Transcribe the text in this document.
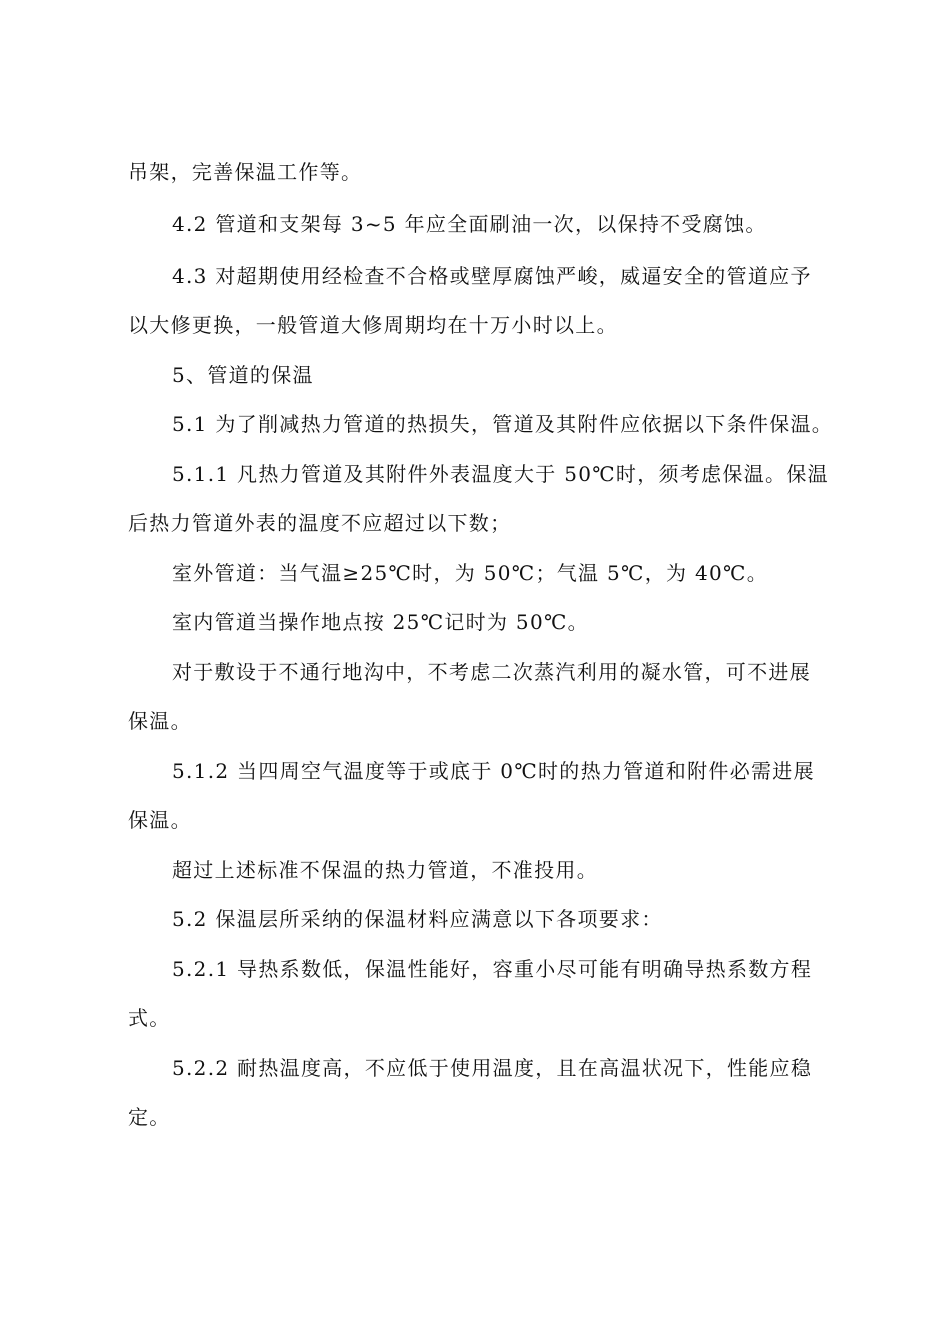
吊架，完善保温工作等。
4.2 管道和支架每 3~5 年应全面刷油一次，以保持不受腐蚀。
4.3 对超期使用经检查不合格或壁厚腐蚀严峻，威逼安全的管道应予
以大修更换，一般管道大修周期均在十万小时以上。
5、管道的保温
5.1 为了削减热力管道的热损失，管道及其附件应依据以下条件保温。
5.1.1 凡热力管道及其附件外表温度大于 50℃时，须考虑保温。保温
后热力管道外表的温度不应超过以下数；
室外管道：当气温≥25℃时，为 50℃；气温 5℃，为 40℃。
室内管道当操作地点按 25℃记时为 50℃。
对于敷设于不通行地沟中，不考虑二次蒸汽利用的凝水管，可不进展
保温。
5.1.2 当四周空气温度等于或底于 0℃时的热力管道和附件必需进展
保温。
超过上述标准不保温的热力管道，不准投用。
5.2 保温层所采纳的保温材料应满意以下各项要求：
5.2.1 导热系数低，保温性能好，容重小尽可能有明确导热系数方程
式。
5.2.2 耐热温度高，不应低于使用温度，且在高温状况下，性能应稳
定。
